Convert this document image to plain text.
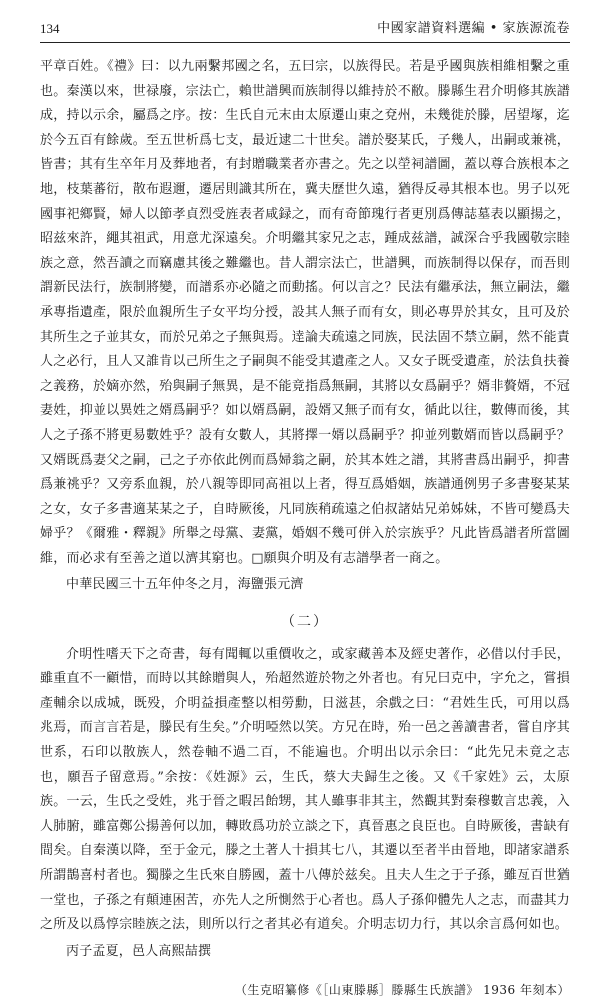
134	中國家譜資料選編 • 家族源流卷

平章百姓。《禮》曰：以九兩繫邦國之名，五曰宗，以族得民。若是乎國與族相維相繫之重也。秦漢以來，世禄廢，宗法亡，賴世譜興而族制得以維持於不敝。滕縣生君介明修其族譜成，持以示余，屬爲之序。按：生氏自元末由太原遷山東之兗州，未幾徙於滕，居望塚，迄於今五百有餘歲。至五世析爲七支，最近逮二十世矣。譜於娶某氏，子幾人，出嗣或兼祧，皆書；其有生卒年月及葬地者，有封贈職業者亦書之。先之以塋祠譜圖，蓋以尊合族根本之地，枝葉蕃衍，散布遐邇，遷居則識其所在，冀夫歷世久遠，猶得反尋其根本也。男子以死國事祀鄉賢，婦人以節孝貞烈受旌表者咸録之，而有奇節瑰行者更別爲傳誌墓表以顯揚之，昭兹來許，繩其祖武，用意尤深遠矣。介明繼其家兄之志，踵成兹譜，誠深合乎我國敬宗睦族之意，然吾讀之而竊慮其後之難繼也。昔人謂宗法亡，世譜興，而族制得以保存，而吾則謂新民法行，族制將變，而譜系亦必隨之而動搖。何以言之？民法有繼承法，無立嗣法，繼承專指遺產，限於血親所生子女平均分授，設其人無子而有女，則必專畀於其女，且可及於其所生之子並其女，而於兄弟之子無與焉。逹論夫疏遠之同族，民法固不禁立嗣，然不能責人之必行，且人又誰肯以己所生之子嗣與不能受其遺產之人。又女子既受遺產，於法負扶養之義務，於嫡亦然，殆與嗣子無異，是不能竟指爲無嗣，其將以女爲嗣乎？婿非贅婿，不冠妻姓，抑並以異姓之婿爲嗣乎？如以婿爲嗣，設婿又無子而有女，循此以往，數傳而後，其人之子孫不將更易數姓乎？設有女數人，其將擇一婿以爲嗣乎？抑並列數婿而皆以爲嗣乎？又婿既爲妻父之嗣，己之子亦依此例而爲婦翁之嗣，於其本姓之譜，其將書爲出嗣乎，抑書爲兼祧乎？又旁系血親，於八親等即同高祖以上者，得互爲婚姻，族譜通例男子多書娶某某之女，女子多書適某某之子，自時厥後，凡同族稍疏遠之伯叔諸姑兄弟姊妹，不皆可變爲夫婦乎？《爾雅・釋親》所舉之母黨、妻黨，婚姻不幾可併入於宗族乎？凡此皆爲譜者所當圖維，而必求有至善之道以濟其窮也。□願與介明及有志譜學者一商之。

中華民國三十五年仲冬之月，海鹽張元濟

（二）

介明性嗜天下之奇書，每有聞輒以重價收之，或家藏善本及經史著作，必借以付手民，雖重直不一顧惜，而時以其餘贈與人，殆超然遊於物之外者也。有兄曰克中，字允之，嘗損產輔余以成城，既殁，介明益損產整以相勞勳，日滋甚，余戲之曰：“君姓生氏，可用以爲兆焉，而言言若是，滕民有生矣。”介明啞然以笑。方兄在時，殆一邑之善讀書者，嘗自序其世系，石印以散族人，然卷軸不過二百，不能遍也。介明出以示余曰：“此先兄未竟之志也，願吾子留意焉。”余按：《姓源》云，生氏，蔡大夫歸生之後。又《千家姓》云，太原族。一云，生氏之受姓，兆于晉之暇呂飴甥，其人雖事非其主，然觀其對秦穆數言忠義，入人肺腑，雖富鄭公揚善何以加，轉敗爲功於立談之下，真晉惠之良臣也。自時厥後，書缺有間矣。自秦漢以降，至于金元，滕之土著人十損其七八，其遷以至者半由晉地，即諸家譜系所謂鵲喜村者也。獨滕之生氏來自勝國，蓋十八傳於兹矣。且夫人生之于子孫，雖亙百世猶一堂也，子孫之有顛連困苦，亦先人之所惻然于心者也。爲人子孫仰體先人之志，而盡其力之所及以爲惇宗睦族之法，則所以行之者其必有道矣。介明志切力行，其以余言爲何如也。

丙子孟夏，邑人高熙喆撰

（生克昭纂修《［山東滕縣］滕縣生氏族譜》 1936 年刻本）
